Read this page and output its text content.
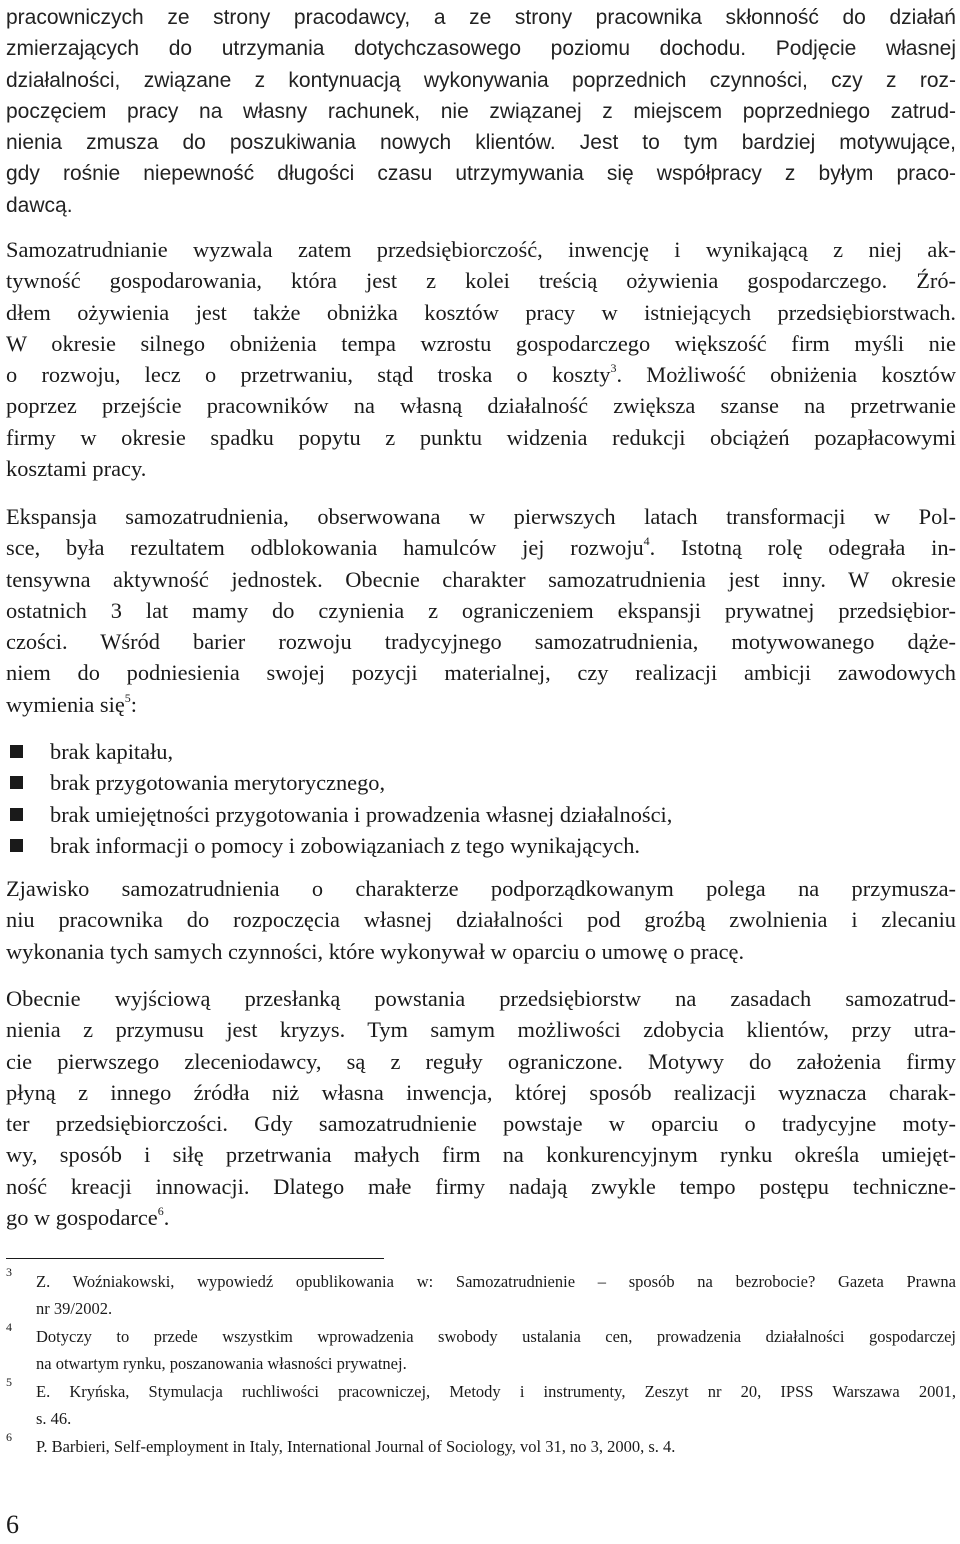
pracowniczych ze strony pracodawcy, a ze strony pracownika skłonność do działań
zmierzających do utrzymania dotychczasowego poziomu dochodu. Podjęcie własnej
działalności, związane z kontynuacją wykonywania poprzednich czynności, czy z roz-
poczęciem pracy na własny rachunek, nie związanej z miejscem poprzedniego zatrud-
nienia zmusza do poszukiwania nowych klientów. Jest to tym bardziej motywujące,
gdy rośnie niepewność długości czasu utrzymywania się współpracy z byłym praco-
dawcą.
Samozatrudnianie wyzwala zatem przedsiębiorczość, inwencję i wynikającą z niej ak-
tywność gospodarowania, która jest z kolei treścią ożywienia gospodarczego. Źró-
dłem ożywienia jest także obniżka kosztów pracy w istniejących przedsiębiorstwach.
W okresie silnego obniżenia tempa wzrostu gospodarczego większość firm myśli nie
o rozwoju, lecz o przetrwaniu, stąd troska o koszty$^3$. Możliwość obniżenia kosztów
poprzez przejście pracowników na własną działalność zwiększa szanse na przetrwanie
firmy w okresie spadku popytu z punktu widzenia redukcji obciążeń pozapłacowymi
kosztami pracy.
Ekspansja samozatrudnienia, obserwowana w pierwszych latach transformacji w Pol-
sce, była rezultatem odblokowania hamulców jej rozwoju$^4$. Istotną rolę odegrała in-
tensywna aktywność jednostek. Obecnie charakter samozatrudnienia jest inny. W okresie
ostatnich 3 lat mamy do czynienia z ograniczeniem ekspansji prywatnej przedsiębior-
czości. Wśród barier rozwoju tradycyjnego samozatrudnienia, motywowanego dąże-
niem do podniesienia swojej pozycji materialnej, czy realizacji ambicji zawodowych
wymienia się$^5$:
brak kapitału,
brak przygotowania merytorycznego,
brak umiejętności przygotowania i prowadzenia własnej działalności,
brak informacji o pomocy i zobowiązaniach z tego wynikających.
Zjawisko samozatrudnienia o charakterze podporządkowanym polega na przymusza-
niu pracownika do rozpoczęcia własnej działalności pod groźbą zwolnienia i zlecaniu
wykonania tych samych czynności, które wykonywał w oparciu o umowę o pracę.
Obecnie wyjściową przesłanką powstania przedsiębiorstw na zasadach samozatrud-
nienia z przymusu jest kryzys. Tym samym możliwości zdobycia klientów, przy utra-
cie pierwszego zleceniodawcy, są z reguły ograniczone. Motywy do założenia firmy
płyną z innego źródła niż własna inwencja, której sposób realizacji wyznacza charak-
ter przedsiębiorczości. Gdy samozatrudnienie powstaje w oparciu o tradycyjne moty-
wy, sposób i siłę przetrwania małych firm na konkurencyjnym rynku określa umiejęt-
ność kreacji innowacji. Dlatego małe firmy nadają zwykle tempo postępu techniczne-
go w gospodarce$^6$.
3 Z. Woźniakowski, wypowiedź opublikowania w: Samozatrudnienie – sposób na bezrobocie? Gazeta Prawna
nr 39/2002.
4 Dotyczy to przede wszystkim wprowadzenia swobody ustalania cen, prowadzenia działalności gospodarczej
na otwartym rynku, poszanowania własności prywatnej.
5 E. Kryńska, Stymulacja ruchliwości pracowniczej, Metody i instrumenty, Zeszyt nr 20, IPSS Warszawa 2001,
s. 46.
6 P. Barbieri, Self-employment in Italy, International Journal of Sociology, vol 31, no 3, 2000, s. 4.
6
